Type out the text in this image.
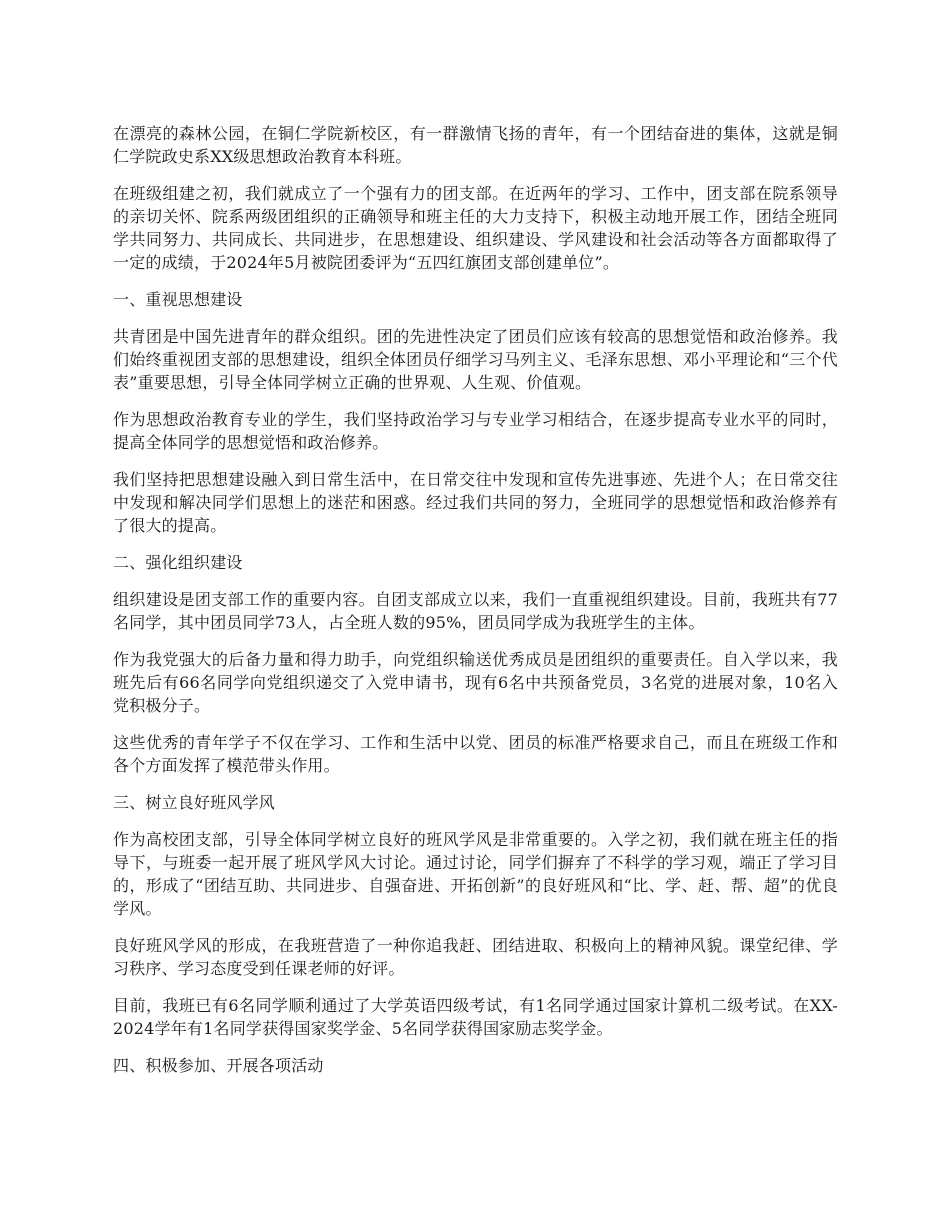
在漂亮的森林公园，在铜仁学院新校区，有一群激情飞扬的青年，有一个团结奋进的集体，这就是铜仁学院政史系XX级思想政治教育本科班。

在班级组建之初，我们就成立了一个强有力的团支部。在近两年的学习、工作中，团支部在院系领导的亲切关怀、院系两级团组织的正确领导和班主任的大力支持下，积极主动地开展工作，团结全班同学共同努力、共同成长、共同进步，在思想建设、组织建设、学风建设和社会活动等各方面都取得了一定的成绩，于2024年5月被院团委评为“五四红旗团支部创建单位”。

一、重视思想建设

共青团是中国先进青年的群众组织。团的先进性决定了团员们应该有较高的思想觉悟和政治修养。我们始终重视团支部的思想建设，组织全体团员仔细学习马列主义、毛泽东思想、邓小平理论和“三个代表”重要思想，引导全体同学树立正确的世界观、人生观、价值观。

作为思想政治教育专业的学生，我们坚持政治学习与专业学习相结合，在逐步提高专业水平的同时，提高全体同学的思想觉悟和政治修养。

我们坚持把思想建设融入到日常生活中，在日常交往中发现和宣传先进事迹、先进个人；在日常交往中发现和解决同学们思想上的迷茫和困惑。经过我们共同的努力，全班同学的思想觉悟和政治修养有了很大的提高。

二、强化组织建设

组织建设是团支部工作的重要内容。自团支部成立以来，我们一直重视组织建设。目前，我班共有77名同学，其中团员同学73人，占全班人数的95%，团员同学成为我班学生的主体。

作为我党强大的后备力量和得力助手，向党组织输送优秀成员是团组织的重要责任。自入学以来，我班先后有66名同学向党组织递交了入党申请书，现有6名中共预备党员，3名党的进展对象，10名入党积极分子。

这些优秀的青年学子不仅在学习、工作和生活中以党、团员的标准严格要求自己，而且在班级工作和各个方面发挥了模范带头作用。

三、树立良好班风学风

作为高校团支部，引导全体同学树立良好的班风学风是非常重要的。入学之初，我们就在班主任的指导下，与班委一起开展了班风学风大讨论。通过讨论，同学们摒弃了不科学的学习观，端正了学习目的，形成了“团结互助、共同进步、自强奋进、开拓创新”的良好班风和“比、学、赶、帮、超”的优良学风。

良好班风学风的形成，在我班营造了一种你追我赶、团结进取、积极向上的精神风貌。课堂纪律、学习秩序、学习态度受到任课老师的好评。

目前，我班已有6名同学顺利通过了大学英语四级考试，有1名同学通过国家计算机二级考试。在XX-2024学年有1名同学获得国家奖学金、5名同学获得国家励志奖学金。

四、积极参加、开展各项活动
